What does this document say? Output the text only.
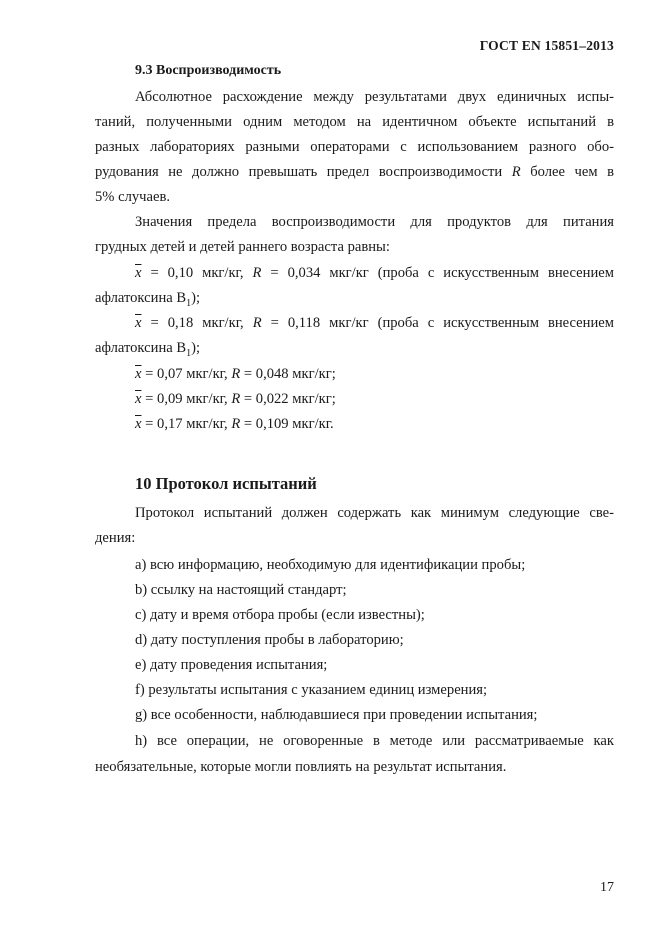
ГОСТ EN 15851–2013
9.3 Воспроизводимость
Абсолютное расхождение между результатами двух единичных испы-
таний, полученными одним методом на идентичном объекте испытаний в
разных лабораториях разными операторами с использованием разного обо-
рудования не должно превышать предел воспроизводимости R более чем в
5% случаев.
Значения предела воспроизводимости для продуктов для питания
грудных детей и детей раннего возраста равны:
$\overline{x} = 0,10$ мкг/кг, R = 0,034 мкг/кг (проба с искусственным внесением
афлатоксина $B_1$);
$\overline{x} = 0,18$ мкг/кг, R = 0,118 мкг/кг (проба с искусственным внесением
афлатоксина $B_1$);
$\overline{x} = 0,07$ мкг/кг, R = 0,048 мкг/кг;
$\overline{x} = 0,09$ мкг/кг, R = 0,022 мкг/кг;
$\overline{x} = 0,17$ мкг/кг, R = 0,109 мкг/кг.
10 Протокол испытаний
Протокол испытаний должен содержать как минимум следующие све-
дения:
a) всю информацию, необходимую для идентификации пробы;
b) ссылку на настоящий стандарт;
c) дату и время отбора пробы (если известны);
d) дату поступления пробы в лабораторию;
e) дату проведения испытания;
f) результаты испытания с указанием единиц измерения;
g) все особенности, наблюдавшиеся при проведении испытания;
h) все операции, не оговоренные в методе или рассматриваемые как
необязательные, которые могли повлиять на результат испытания.
17
